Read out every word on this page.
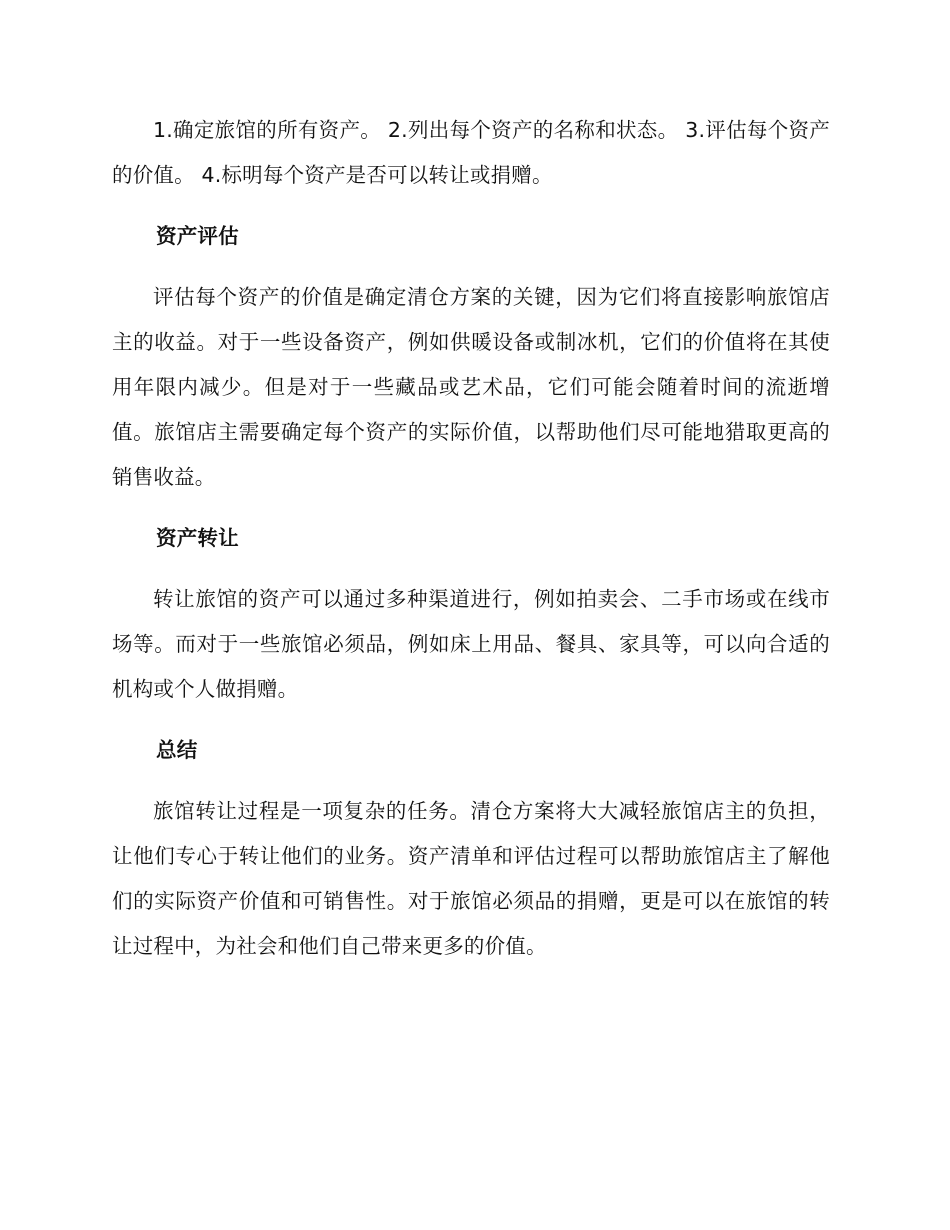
1.确定旅馆的所有资产。 2.列出每个资产的名称和状态。 3.评估每个资产的价值。 4.标明每个资产是否可以转让或捐赠。

资产评估

评估每个资产的价值是确定清仓方案的关键，因为它们将直接影响旅馆店主的收益。对于一些设备资产，例如供暖设备或制冰机，它们的价值将在其使用年限内减少。但是对于一些藏品或艺术品，它们可能会随着时间的流逝增值。旅馆店主需要确定每个资产的实际价值，以帮助他们尽可能地猎取更高的销售收益。

资产转让

转让旅馆的资产可以通过多种渠道进行，例如拍卖会、二手市场或在线市场等。而对于一些旅馆必须品，例如床上用品、餐具、家具等，可以向合适的机构或个人做捐赠。

总结

旅馆转让过程是一项复杂的任务。清仓方案将大大减轻旅馆店主的负担，让他们专心于转让他们的业务。资产清单和评估过程可以帮助旅馆店主了解他们的实际资产价值和可销售性。对于旅馆必须品的捐赠，更是可以在旅馆的转让过程中，为社会和他们自己带来更多的价值。
